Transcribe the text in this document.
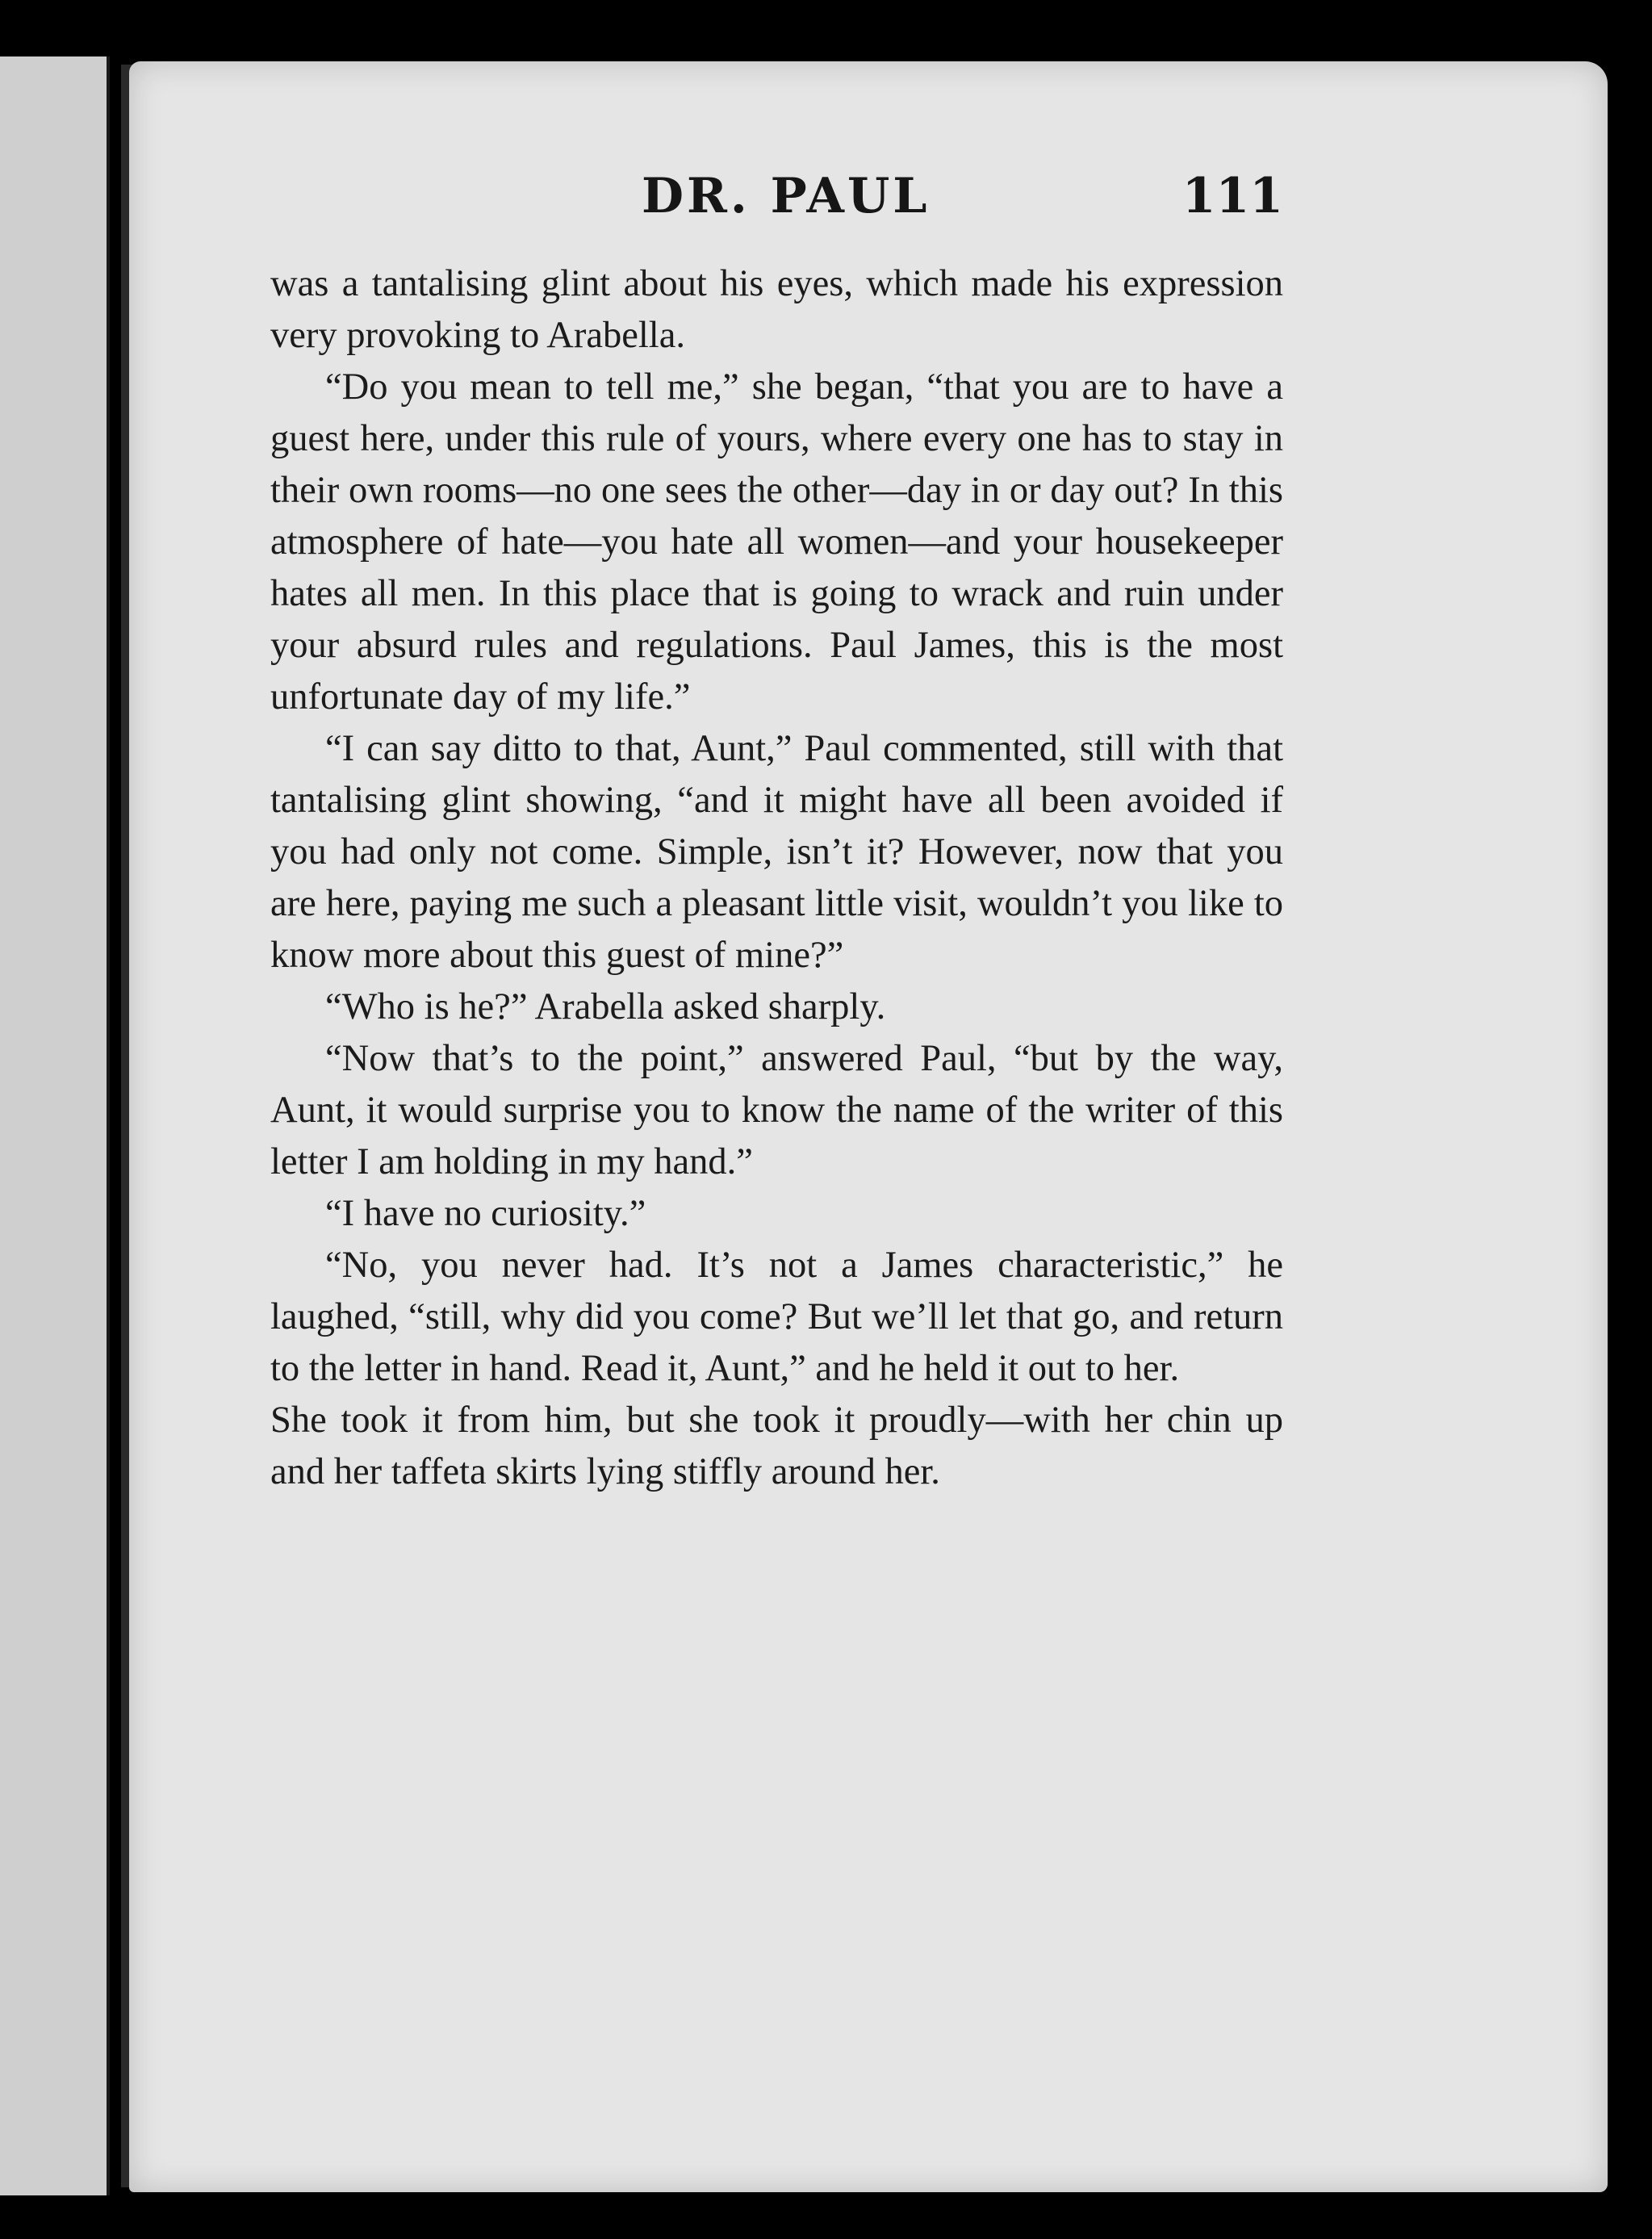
DR. PAUL	111

was a tantalising glint about his eyes, which made his expression very provoking to Arabella.

“Do you mean to tell me,” she began, “that you are to have a guest here, under this rule of yours, where every one has to stay in their own rooms—no one sees the other—day in or day out? In this atmosphere of hate—you hate all women—and your housekeeper hates all men. In this place that is going to wrack and ruin under your absurd rules and regulations. Paul James, this is the most unfortunate day of my life.”

“I can say ditto to that, Aunt,” Paul commented, still with that tantalising glint showing, “and it might have all been avoided if you had only not come. Simple, isn’t it? However, now that you are here, paying me such a pleasant little visit, wouldn’t you like to know more about this guest of mine?”

“Who is he?” Arabella asked sharply.

“Now that’s to the point,” answered Paul, “but by the way, Aunt, it would surprise you to know the name of the writer of this letter I am holding in my hand.”

“I have no curiosity.”

“No, you never had. It’s not a James characteristic,” he laughed, “still, why did you come? But we’ll let that go, and return to the letter in hand. Read it, Aunt,” and he held it out to her.

She took it from him, but she took it proudly—with her chin up and her taffeta skirts lying stiffly around her.
